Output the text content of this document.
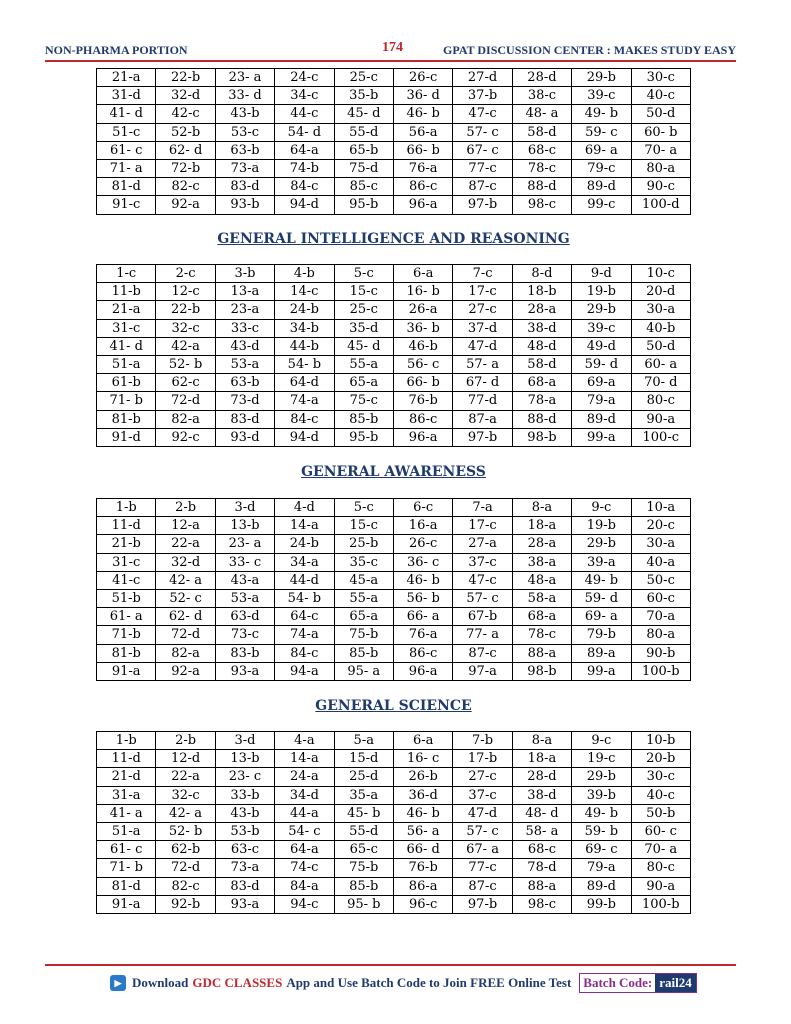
NON-PHARMA PORTION	174	GPAT DISCUSSION CENTER : MAKES STUDY EASY
21-a	22-b	23- a	24-c	25-c	26-c	27-d	28-d	29-b	30-c
31-d	32-d	33- d	34-c	35-b	36- d	37-b	38-c	39-c	40-c
41- d	42-c	43-b	44-c	45- d	46- b	47-c	48- a	49- b	50-d
51-c	52-b	53-c	54- d	55-d	56-a	57- c	58-d	59- c	60- b
61- c	62- d	63-b	64-a	65-b	66- b	67- c	68-c	69- a	70- a
71- a	72-b	73-a	74-b	75-d	76-a	77-c	78-c	79-c	80-a
81-d	82-c	83-d	84-c	85-c	86-c	87-c	88-d	89-d	90-c
91-c	92-a	93-b	94-d	95-b	96-a	97-b	98-c	99-c	100-d
GENERAL INTELLIGENCE AND REASONING
1-c	2-c	3-b	4-b	5-c	6-a	7-c	8-d	9-d	10-c
11-b	12-c	13-a	14-c	15-c	16- b	17-c	18-b	19-b	20-d
21-a	22-b	23-a	24-b	25-c	26-a	27-c	28-a	29-b	30-a
31-c	32-c	33-c	34-b	35-d	36- b	37-d	38-d	39-c	40-b
41- d	42-a	43-d	44-b	45- d	46-b	47-d	48-d	49-d	50-d
51-a	52- b	53-a	54- b	55-a	56- c	57- a	58-d	59- d	60- a
61-b	62-c	63-b	64-d	65-a	66- b	67- d	68-a	69-a	70- d
71- b	72-d	73-d	74-a	75-c	76-b	77-d	78-a	79-a	80-c
81-b	82-a	83-d	84-c	85-b	86-c	87-a	88-d	89-d	90-a
91-d	92-c	93-d	94-d	95-b	96-a	97-b	98-b	99-a	100-c
GENERAL AWARENESS
1-b	2-b	3-d	4-d	5-c	6-c	7-a	8-a	9-c	10-a
11-d	12-a	13-b	14-a	15-c	16-a	17-c	18-a	19-b	20-c
21-b	22-a	23- a	24-b	25-b	26-c	27-a	28-a	29-b	30-a
31-c	32-d	33- c	34-a	35-c	36- c	37-c	38-a	39-a	40-a
41-c	42- a	43-a	44-d	45-a	46- b	47-c	48-a	49- b	50-c
51-b	52- c	53-a	54- b	55-a	56- b	57- c	58-a	59- d	60-c
61- a	62- d	63-d	64-c	65-a	66- a	67-b	68-a	69- a	70-a
71-b	72-d	73-c	74-a	75-b	76-a	77- a	78-c	79-b	80-a
81-b	82-a	83-b	84-c	85-b	86-c	87-c	88-a	89-a	90-b
91-a	92-a	93-a	94-a	95- a	96-a	97-a	98-b	99-a	100-b
GENERAL SCIENCE
1-b	2-b	3-d	4-a	5-a	6-a	7-b	8-a	9-c	10-b
11-d	12-d	13-b	14-a	15-d	16- c	17-b	18-a	19-c	20-b
21-d	22-a	23- c	24-a	25-d	26-b	27-c	28-d	29-b	30-c
31-a	32-c	33-b	34-d	35-a	36-d	37-c	38-d	39-b	40-c
41- a	42- a	43-b	44-a	45- b	46- b	47-d	48- d	49- b	50-b
51-a	52- b	53-b	54- c	55-d	56- a	57- c	58- a	59- b	60- c
61- c	62-b	63-c	64-a	65-c	66- d	67- a	68-c	69- c	70- a
71- b	72-d	73-a	74-c	75-b	76-b	77-c	78-d	79-a	80-c
81-d	82-c	83-d	84-a	85-b	86-a	87-c	88-a	89-d	90-a
91-a	92-b	93-a	94-c	95- b	96-c	97-b	98-c	99-b	100-b
▶ Download GDC CLASSES App and Use Batch Code to Join FREE Online Test Batch Code: rail24
